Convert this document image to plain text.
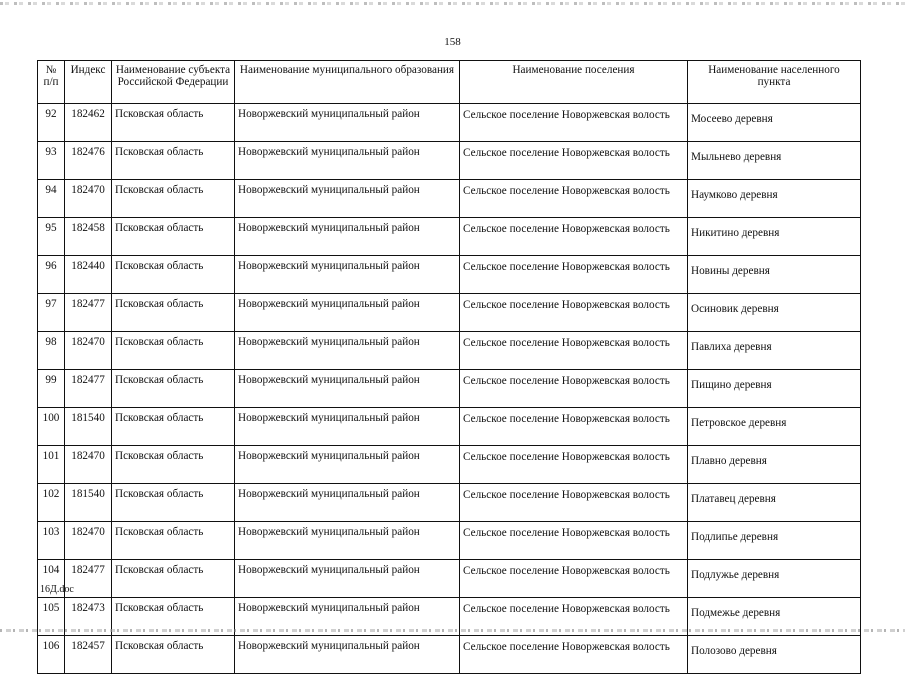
158
№ п/п	Индекс	Наименование субъекта Российской Федерации	Наименование муниципального образования	Наименование поселения	Наименование населенного пункта
92	182462	Псковская область	Новоржевский муниципальный район	Сельское поселение Новоржевская волость	Мосеево деревня
93	182476	Псковская область	Новоржевский муниципальный район	Сельское поселение Новоржевская волость	Мыльнево деревня
94	182470	Псковская область	Новоржевский муниципальный район	Сельское поселение Новоржевская волость	Наумково деревня
95	182458	Псковская область	Новоржевский муниципальный район	Сельское поселение Новоржевская волость	Никитино деревня
96	182440	Псковская область	Новоржевский муниципальный район	Сельское поселение Новоржевская волость	Новины деревня
97	182477	Псковская область	Новоржевский муниципальный район	Сельское поселение Новоржевская волость	Осиновик деревня
98	182470	Псковская область	Новоржевский муниципальный район	Сельское поселение Новоржевская волость	Павлиха деревня
99	182477	Псковская область	Новоржевский муниципальный район	Сельское поселение Новоржевская волость	Пищино деревня
100	181540	Псковская область	Новоржевский муниципальный район	Сельское поселение Новоржевская волость	Петровское деревня
101	182470	Псковская область	Новоржевский муниципальный район	Сельское поселение Новоржевская волость	Плавно деревня
102	181540	Псковская область	Новоржевский муниципальный район	Сельское поселение Новоржевская волость	Платавец деревня
103	182470	Псковская область	Новоржевский муниципальный район	Сельское поселение Новоржевская волость	Подлипье деревня
104	182477	Псковская область	Новоржевский муниципальный район	Сельское поселение Новоржевская волость	Подлужье деревня
105	182473	Псковская область	Новоржевский муниципальный район	Сельское поселение Новоржевская волость	Подмежье деревня
106	182457	Псковская область	Новоржевский муниципальный район	Сельское поселение Новоржевская волость	Полозово деревня
16Д.doc
